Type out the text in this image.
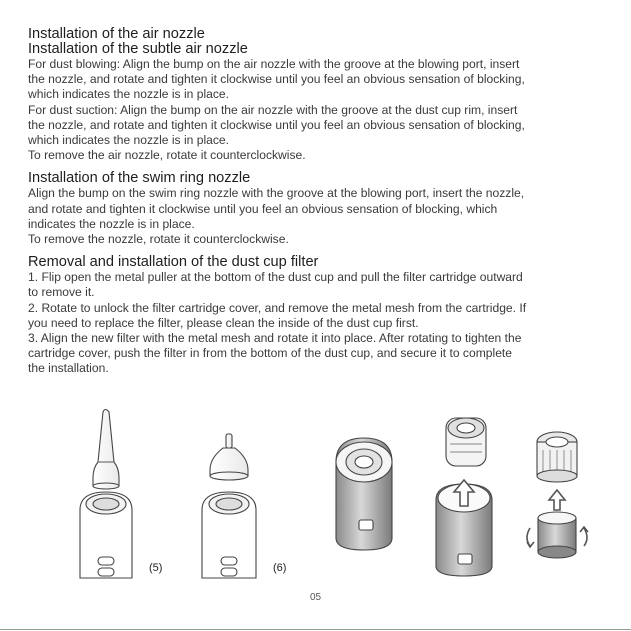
Installation of the air nozzle
Installation of the subtle air nozzle

For dust blowing: Align the bump on the air nozzle with the groove at the blowing port, insert

the nozzle, and rotate and tighten it clockwise until you feel an obvious sensation of blocking,

which indicates the nozzle is in place.

For dust suction: Align the bump on the air nozzle with the groove at the dust cup rim, insert

the nozzle, and rotate and tighten it clockwise until you feel an obvious sensation of blocking,

which indicates the nozzle is in place.

To remove the air nozzle, rotate it counterclockwise.

Installation of the swim ring nozzle

Align the bump on the swim ring nozzle with the groove at the blowing port, insert the nozzle,

and rotate and tighten it clockwise until you feel an obvious sensation of blocking, which

indicates the nozzle is in place.

To remove the nozzle, rotate it counterclockwise.

Removal and installation of the dust cup filter

1. Flip open the metal puller at the bottom of the dust cup and pull the filter cartridge outward

to remove it.

2. Rotate to unlock the filter cartridge cover, and remove the metal mesh from the cartridge. If

you need to replace the filter, please clean the inside of the dust cup first.

3. Align the new filter with the metal mesh and rotate it into place. After rotating to tighten the

cartridge cover, push the filter in from the bottom of the dust cup, and secure it to complete

the installation.

(5)	(6)
05
